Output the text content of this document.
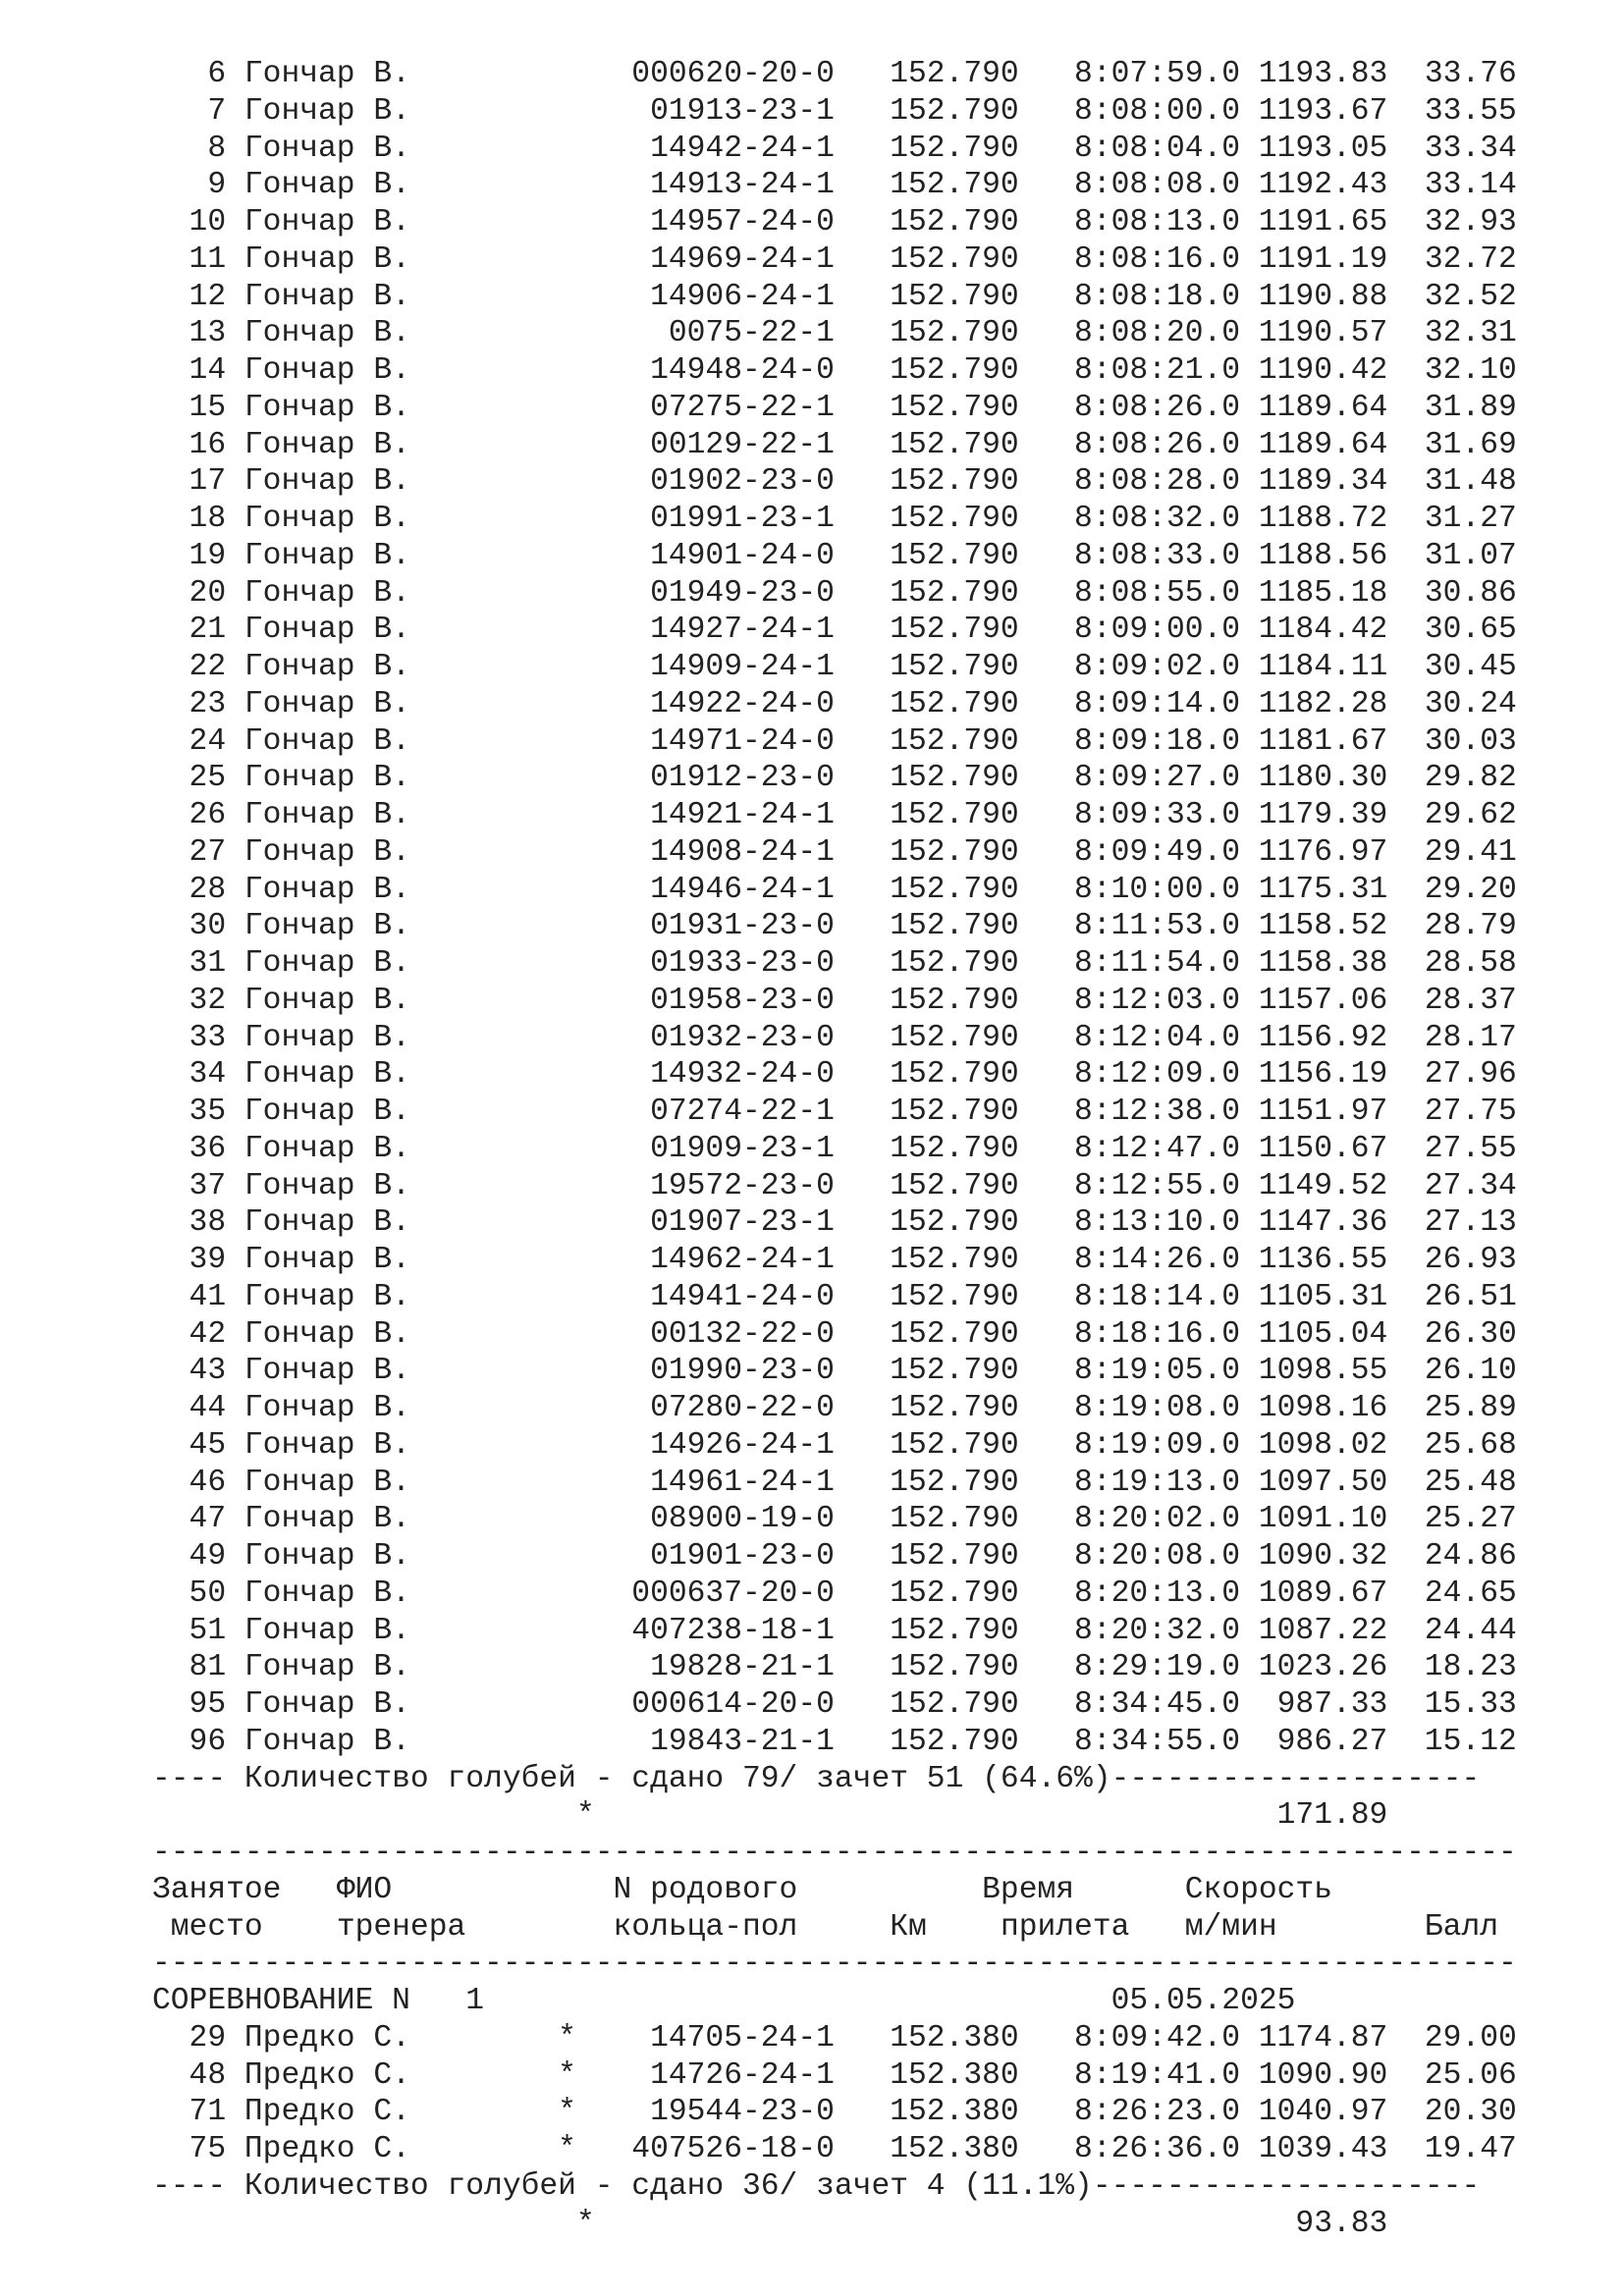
6 Гончар В.            000620-20-0   152.790   8:07:59.0 1193.83  33.76
7 Гончар В.             01913-23-1   152.790   8:08:00.0 1193.67  33.55
8 Гончар В.             14942-24-1   152.790   8:08:04.0 1193.05  33.34
9 Гончар В.             14913-24-1   152.790   8:08:08.0 1192.43  33.14
10 Гончар В.             14957-24-0   152.790   8:08:13.0 1191.65  32.93
11 Гончар В.             14969-24-1   152.790   8:08:16.0 1191.19  32.72
12 Гончар В.             14906-24-1   152.790   8:08:18.0 1190.88  32.52
13 Гончар В.              0075-22-1   152.790   8:08:20.0 1190.57  32.31
14 Гончар В.             14948-24-0   152.790   8:08:21.0 1190.42  32.10
15 Гончар В.             07275-22-1   152.790   8:08:26.0 1189.64  31.89
16 Гончар В.             00129-22-1   152.790   8:08:26.0 1189.64  31.69
17 Гончар В.             01902-23-0   152.790   8:08:28.0 1189.34  31.48
18 Гончар В.             01991-23-1   152.790   8:08:32.0 1188.72  31.27
19 Гончар В.             14901-24-0   152.790   8:08:33.0 1188.56  31.07
20 Гончар В.             01949-23-0   152.790   8:08:55.0 1185.18  30.86
21 Гончар В.             14927-24-1   152.790   8:09:00.0 1184.42  30.65
22 Гончар В.             14909-24-1   152.790   8:09:02.0 1184.11  30.45
23 Гончар В.             14922-24-0   152.790   8:09:14.0 1182.28  30.24
24 Гончар В.             14971-24-0   152.790   8:09:18.0 1181.67  30.03
25 Гончар В.             01912-23-0   152.790   8:09:27.0 1180.30  29.82
26 Гончар В.             14921-24-1   152.790   8:09:33.0 1179.39  29.62
27 Гончар В.             14908-24-1   152.790   8:09:49.0 1176.97  29.41
28 Гончар В.             14946-24-1   152.790   8:10:00.0 1175.31  29.20
30 Гончар В.             01931-23-0   152.790   8:11:53.0 1158.52  28.79
31 Гончар В.             01933-23-0   152.790   8:11:54.0 1158.38  28.58
32 Гончар В.             01958-23-0   152.790   8:12:03.0 1157.06  28.37
33 Гончар В.             01932-23-0   152.790   8:12:04.0 1156.92  28.17
34 Гончар В.             14932-24-0   152.790   8:12:09.0 1156.19  27.96
35 Гончар В.             07274-22-1   152.790   8:12:38.0 1151.97  27.75
36 Гончар В.             01909-23-1   152.790   8:12:47.0 1150.67  27.55
37 Гончар В.             19572-23-0   152.790   8:12:55.0 1149.52  27.34
38 Гончар В.             01907-23-1   152.790   8:13:10.0 1147.36  27.13
39 Гончар В.             14962-24-1   152.790   8:14:26.0 1136.55  26.93
41 Гончар В.             14941-24-0   152.790   8:18:14.0 1105.31  26.51
42 Гончар В.             00132-22-0   152.790   8:18:16.0 1105.04  26.30
43 Гончар В.             01990-23-0   152.790   8:19:05.0 1098.55  26.10
44 Гончар В.             07280-22-0   152.790   8:19:08.0 1098.16  25.89
45 Гончар В.             14926-24-1   152.790   8:19:09.0 1098.02  25.68
46 Гончар В.             14961-24-1   152.790   8:19:13.0 1097.50  25.48
47 Гончар В.             08900-19-0   152.790   8:20:02.0 1091.10  25.27
49 Гончар В.             01901-23-0   152.790   8:20:08.0 1090.32  24.86
50 Гончар В.            000637-20-0   152.790   8:20:13.0 1089.67  24.65
51 Гончар В.            407238-18-1   152.790   8:20:32.0 1087.22  24.44
81 Гончар В.             19828-21-1   152.790   8:29:19.0 1023.26  18.23
95 Гончар В.            000614-20-0   152.790   8:34:45.0  987.33  15.33
96 Гончар В.             19843-21-1   152.790   8:34:55.0  986.27  15.12
---- Количество голубей - сдано 79/ зачет 51 (64.6%)--------------------
*                                     171.89
--------------------------------------------------------------------------
Занятое   ФИО            N родового	Время      Скорость
место    тренера        кольца-пол     Км    прилета   м/мин        Балл
--------------------------------------------------------------------------
СОРЕВНОВАНИЕ N   1                                  05.05.2025
29 Предко С.        *    14705-24-1   152.380   8:09:42.0 1174.87  29.00
48 Предко С.        *    14726-24-1   152.380   8:19:41.0 1090.90  25.06
71 Предко С.        *    19544-23-0   152.380   8:26:23.0 1040.97  20.30
75 Предко С.        *   407526-18-0   152.380   8:26:36.0 1039.43  19.47
---- Количество голубей - сдано 36/ зачет 4 (11.1%)---------------------
*                                      93.83
